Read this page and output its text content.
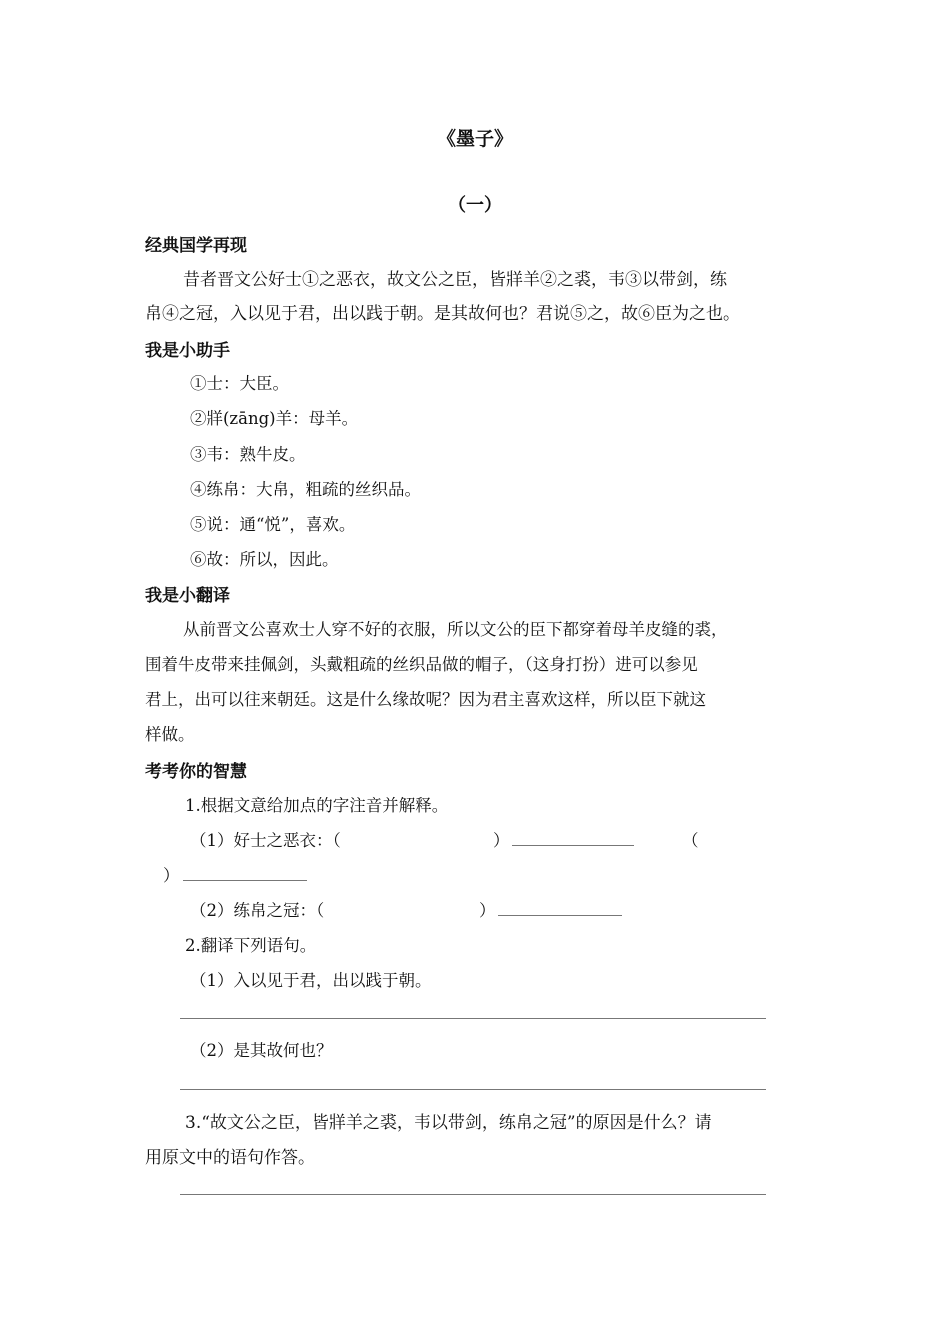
《墨子》
（一）
经典国学再现
昔者晋文公好士①之恶衣，故文公之臣，皆牂羊②之裘，韦③以带剑，练
帛④之冠，入以见于君，出以践于朝。是其故何也？君说⑤之，故⑥臣为之也。
我是小助手
①士：大臣。
②牂(zāng)羊：母羊。
③韦：熟牛皮。
④练帛：大帛，粗疏的丝织品。
⑤说：通“悦”，喜欢。
⑥故：所以，因此。
我是小翻译
从前晋文公喜欢士人穿不好的衣服，所以文公的臣下都穿着母羊皮缝的裘，
围着牛皮带来挂佩剑，头戴粗疏的丝织品做的帽子，（这身打扮）进可以参见
君上，出可以往来朝廷。这是什么缘故呢？因为君主喜欢这样，所以臣下就这
样做。
考考你的智慧
1.根据文意给加点的字注音并解释。
（1）好士之恶衣：（	）	（
）
（2）练帛之冠：（	）
2.翻译下列语句。
（1）入以见于君，出以践于朝。
（2）是其故何也？
3.“故文公之臣，皆牂羊之裘，韦以带剑，练帛之冠”的原因是什么？请
用原文中的语句作答。
